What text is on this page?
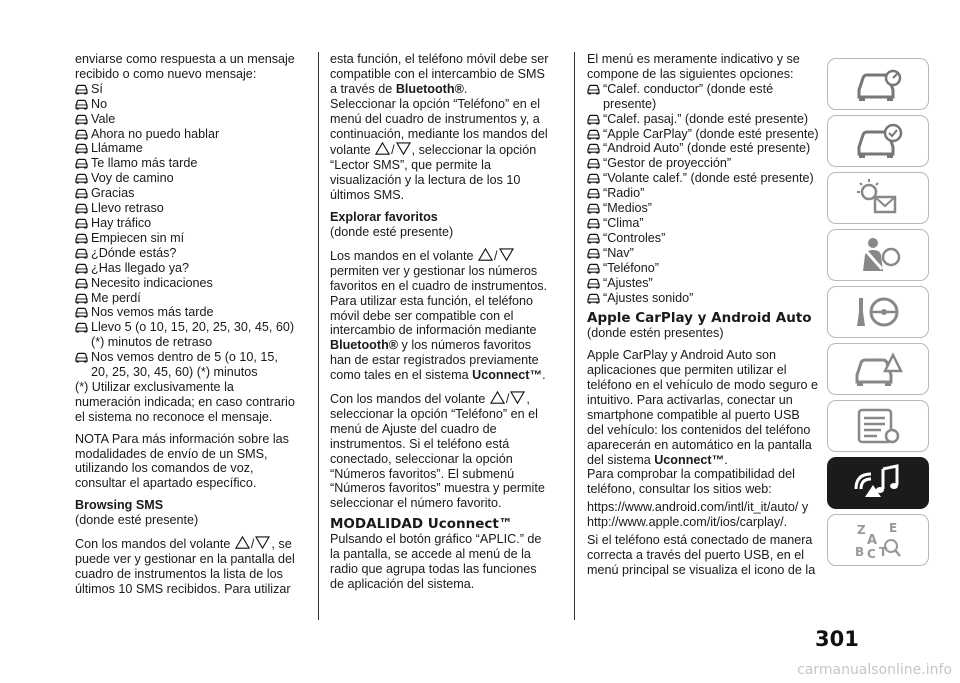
enviarse como respuesta a un mensaje recibido o como nuevo mensaje:

Sí
No
Vale
Ahora no puedo hablar
Llámame
Te llamo más tarde
Voy de camino
Gracias
Llevo retraso
Hay tráfico
Empiecen sin mí
¿Dónde estás?
¿Has llegado ya?
Necesito indicaciones
Me perdí
Nos vemos más tarde
Llevo 5 (o 10, 15, 20, 25, 30, 45, 60) (*) minutos de retraso
Nos vemos dentro de 5 (o 10, 15, 20, 25, 30, 45, 60) (*) minutos

(*) Utilizar exclusivamente la numeración indicada; en caso contrario el sistema no reconoce el mensaje.

NOTA Para más información sobre las modalidades de envío de un SMS, utilizando los comandos de voz, consultar el apartado específico.

Browsing SMS

(donde esté presente)

Con los mandos del volante / , se puede ver y gestionar en la pantalla del cuadro de instrumentos la lista de los últimos 10 SMS recibidos. Para utilizar

esta función, el teléfono móvil debe ser compatible con el intercambio de SMS a través de Bluetooth®.

Seleccionar la opción “Teléfono” en el menú del cuadro de instrumentos y, a continuación, mediante los mandos del volante / , seleccionar la opción “Lector SMS”, que permite la visualización y la lectura de los 10 últimos SMS.

Explorar favoritos

(donde esté presente)

Los mandos en el volante / permiten ver y gestionar los números favoritos en el cuadro de instrumentos. Para utilizar esta función, el teléfono móvil debe ser compatible con el intercambio de información mediante Bluetooth® y los números favoritos han de estar registrados previamente como tales en el sistema Uconnect™.

Con los mandos del volante / , seleccionar la opción “Teléfono” en el menú de Ajuste del cuadro de instrumentos. Si el teléfono está conectado, seleccionar la opción “Números favoritos”. El submenú “Números favoritos” muestra y permite seleccionar el número favorito.

MODALIDAD Uconnect™

Pulsando el botón gráfico “APLIC.” de la pantalla, se accede al menú de la radio que agrupa todas las funciones de aplicación del sistema.

El menú es meramente indicativo y se compone de las siguientes opciones:

“Calef. conductor” (donde esté presente)
“Calef. pasaj.” (donde esté presente)
“Apple CarPlay” (donde esté presente)
“Android Auto” (donde esté presente)
“Gestor de proyección”
“Volante calef.” (donde esté presente)
“Radio”
“Medios”
“Clima”
“Controles”
“Nav”
“Teléfono”
“Ajustes”
“Ajustes sonido”

Apple CarPlay y Android Auto

(donde estén presentes)

Apple CarPlay y Android Auto son aplicaciones que permiten utilizar el teléfono en el vehículo de modo seguro e intuitivo. Para activarlas, conectar un smartphone compatible al puerto USB del vehículo: los contenidos del teléfono aparecerán en automático en la pantalla del sistema Uconnect™.

Para comprobar la compatibilidad del teléfono, consultar los sitios web:

https://www.android.com/intl/it_it/auto/ y http://www.apple.com/it/ios/carplay/.

Si el teléfono está conectado de manera correcta a través del puerto USB, en el menú principal se visualiza el icono de la

Z E
A
B C T
301
carmanualsonline.info
